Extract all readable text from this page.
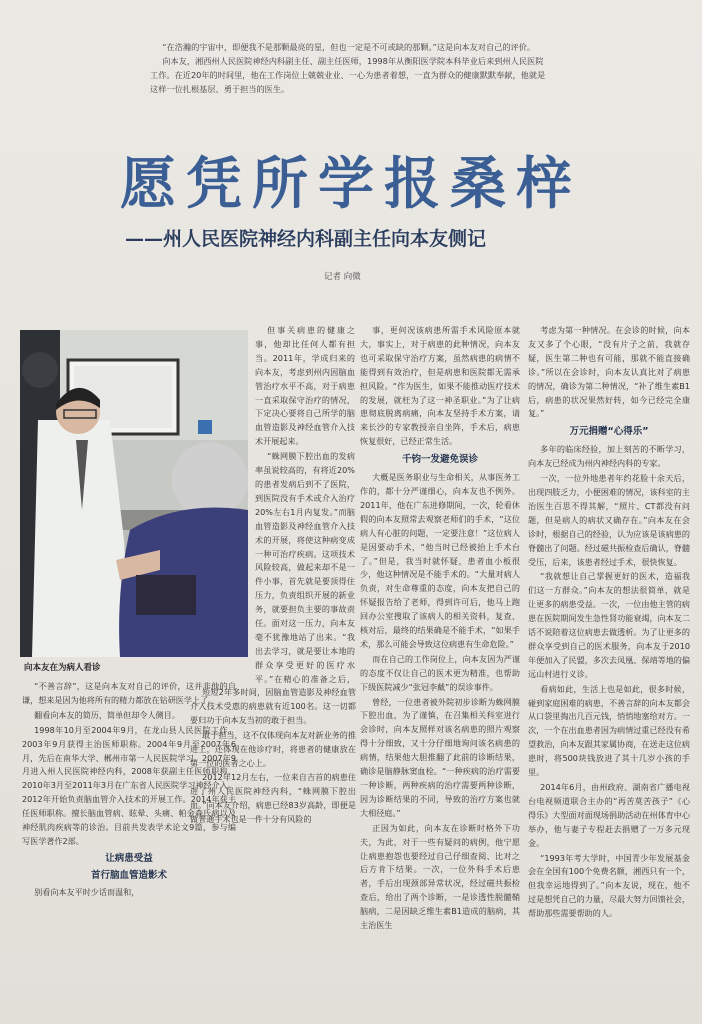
“在浩瀚的宇宙中，即便我不是那颗最亮的星，但也一定是不可或缺的那颗。”这是向本友对自己的评价。

向本友，湘西州人民医院神经内科副主任、副主任医师，1998年从衡阳医学院本科毕业后来到州人民医院工作。在近20年的时间里，他在工作岗位上兢兢业业、一心为患者着想，一直为群众的健康默默奉献，他就是这样一位扎根基层、勇于担当的医生。

愿凭所学报桑梓
——州人民医院神经内科副主任向本友侧记
记者 向微
向本友在为病人看诊

“不善言辞”，这是向本友对自己的评价，这并非他的自谦，想来是因为他将所有的精力都放在钻研医学上了。

翻看向本友的简历，简单但却令人侧目。

1998年10月至2004年9月，在龙山县人民医院工作。2003年9月获得主治医师职称。2004年9月至2007年6月，先后在南华大学、郴州市第一人民医院学习。2007年9月进入州人民医院神经内科，2008年获副主任医师职称，2010年3月至2011年3月在广东省人民医院学习神经介入。2012年开始负责脑血管介入技术的开展工作。2014年获主任医师职称。擅长脑血管病、眩晕、头痛、帕金森氏病以及神经肌肉疾病等的诊治。目前共发表学术论文9篇，参与编写医学著作2部。

让病患受益
首行脑血管造影术

别看向本友平时少话而温和，

但事关病患的健康之事，他却比任何人都有担当。2011年，学成归来的向本友，考虑到州内因脑血管治疗水平不高，对于病患一直采取保守治疗的情况，下定决心要将自己所学的脑血管造影及神经血管介入技术开展起来。

“蛛网膜下腔出血的发病率虽说较高的，有将近20%的患者发病后到不了医院，到医院没有手术或介入治疗20%左右1月内复发。”而脑血管造影及神经血管介入技术的开展，将使这种病变成一种可治疗疾病。这项技术风险较高，做起来却不是一件小事，首先就是要顶得住压力，负责组织开展的新业务，就要担负主要的事故责任。面对这一压力，向本友毫不犹豫地站了出来。“我出去学习，就是要让本地的群众享受更好的医疗水平。”在精心的准备之后，

短短2年多时间，因脑血管造影及神经血管介入技术受惠的病患就有近100名。这一切都要归功于向本友当初的敢于担当。

敢于担当，这不仅体现向本友对新业务的推进上，还体现在他诊疗时，将患者的健康放在第一位的医者之心上。

2012年12月左右，一位来自吉首的病患住进了州人民医院神经内科，“蛛网膜下腔出血。”向本友介绍，病患已经83岁高龄，即便是做普通手术也是一件十分有风险的

事，更何况该病患所需手术风险原本就大，事实上，对于病患的此种情况，向本友也可采取保守治疗方案，虽然病患的病情不能得到有效治疗，但是病患和医院都无需承担风险。“作为医生，如果不能推动医疗技术的发展，就枉为了这一神圣职业。”为了让病患彻底脱离病痛，向本友坚持手术方案，请来长沙的专家教授亲自坐阵，手术后，病患恢复很好，已经正常生活。

千钧一发避免误诊

大概是医务职业与生命相关，从事医务工作的，都十分严谨细心，向本友也不例外。2011年，他在广东进修期间，一次，轮看休假的向本友照常去观察老师们的手术，“这位病人有心脏的问题，一定要注意！”这位病人是因要动手术，“他当时已经被抬上手术台了。”但是，我当时就怀疑，患者血小板很少，他这种情况是不能手术的。“大量对病人负责，对生命尊重的态度，向本友把自己的怀疑报告给了老师，得到许可后，他马上跑回办公室搜取了该病人的相关资料，复查、核对后，最终的结果确是不能手术，“如果手术，那么可能会导致这位病患有生命危险。”

而在自己的工作岗位上，向本友因为严谨的态度不仅让自己的医术更为精准，也帮助下级医院减少“张冠李戴”的误诊事件。

曾经，一位患者被外院初步诊断为蛛网膜下腔出血，为了谨慎，在召集相关科室进行会诊时，向本友照样对该名病患的照片观察得十分细致，又十分仔细地询问该名病患的病情，结果他大胆推翻了此前的诊断结果，确诊是脑静脉窦血栓。“一种疾病的治疗需要一种诊断，两种疾病的治疗需要两种诊断，因为诊断结果的不同，导致的治疗方案也就大相径庭。”

正因为如此，向本友在诊断时格外下功夫，为此，对于一些有疑问的病例，他宁愿让病患抱怨也要经过自己仔细查阅、比对之后方肯下结果。一次，一位外科手术后患者，手后出现颈部异常状况，经过磁共振检查后，给出了两个诊断，一是诊透性脱髓鞘脑病，二是因缺乏维生素B1造成的脑病，其主治医生

考虑为第一种情况。在会诊的时候，向本友又多了个心眼，“没有片子之前，我就存疑，医生第二种也有可能，那就不能直接确诊。”所以在会诊时，向本友认真比对了病患的情况，确诊为第二种情况，“补了维生素B1后，病患的状况果然好转，如今已经完全康复。”

万元捐赠“心得乐”

多年的临床经验，加上刻苦的不断学习，向本友已经成为州内神经内科的专家。

一次，一位外地患者年约花脸十余天后，出现四肢乏力，小便困难的情况，该科室的主治医生百思不得其解，“照片、CT都没有问题，但是病人的病状又确存在。”向本友在会诊时，根据自己的经验，认为应该是该病患的脊髓出了问题。经过磁共振检查后确认，脊髓受压，后来，该患者经过手术，很快恢复。

“我就想让自己掌握更好的医术，造福我们这一方群众。”向本友的想法很简单，就是让更多的病患受益。一次，一位由他主管的病患在医院期间发生急性肾功能衰竭，向本友二话不说陪着这位病患去做透析。为了让更多的群众享受到自己的医术服务，向本友于2010年便加入了民盟，多次去凤凰、保靖等地的偏远山村进行义诊。

看病如此，生活上也是如此，很多时候，碰到家庭困难的病患，不善言辞的向本友都会从口袋里掏出几百元钱，悄悄地塞给对方。一次，一个在出血患者因为病情过重已经没有希望救治，向本友跟其家属协商，在送走这位病患时，将500块钱放进了其十几岁小孩的手里。

2014年6月，由州政府、湖南省广播电视台电视频道联合主办的“再苦莫苦孩子”《心得乐》大型面对面现场捐助活动在州体育中心举办，他与妻子专程赶去捐赠了一万多元现金。

“1993年考大学时，中国青少年发展基金会在全国有100个免费名额，湘西只有一个，但我幸运地得到了。”向本友说，现在，他不过是想凭自己的力量，尽最大努力回馈社会，帮助那些需要帮助的人。
